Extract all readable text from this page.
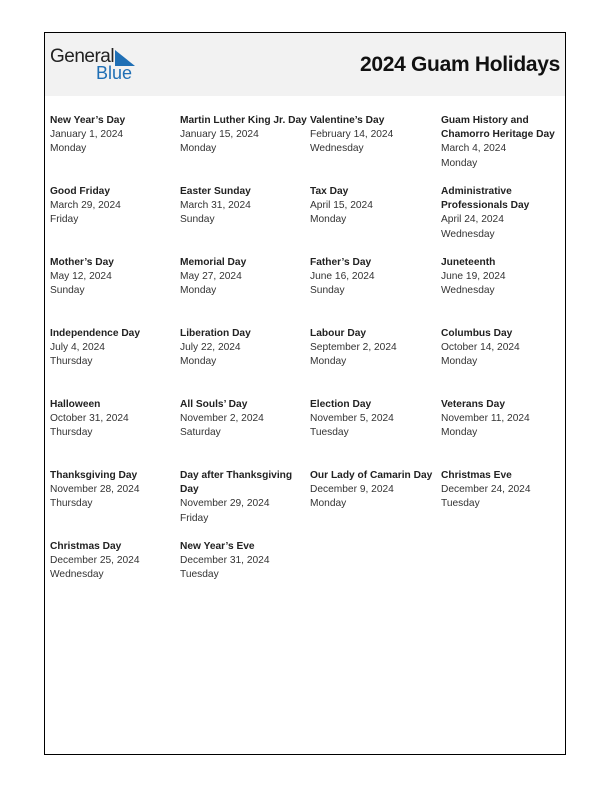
General
Blue	2024 Guam Holidays
New Year’s Day
January 1, 2024
Monday
Martin Luther King Jr. Day
January 15, 2024
Monday
Valentine’s Day
February 14, 2024
Wednesday
Guam History and Chamorro Heritage Day
March 4, 2024
Monday
Good Friday
March 29, 2024
Friday
Easter Sunday
March 31, 2024
Sunday
Tax Day
April 15, 2024
Monday
Administrative Professionals Day
April 24, 2024
Wednesday
Mother’s Day
May 12, 2024
Sunday
Memorial Day
May 27, 2024
Monday
Father’s Day
June 16, 2024
Sunday
Juneteenth
June 19, 2024
Wednesday
Independence Day
July 4, 2024
Thursday
Liberation Day
July 22, 2024
Monday
Labour Day
September 2, 2024
Monday
Columbus Day
October 14, 2024
Monday
Halloween
October 31, 2024
Thursday
All Souls’ Day
November 2, 2024
Saturday
Election Day
November 5, 2024
Tuesday
Veterans Day
November 11, 2024
Monday
Thanksgiving Day
November 28, 2024
Thursday
Day after Thanksgiving Day
November 29, 2024
Friday
Our Lady of Camarin Day
December 9, 2024
Monday
Christmas Eve
December 24, 2024
Tuesday
Christmas Day
December 25, 2024
Wednesday
New Year’s Eve
December 31, 2024
Tuesday
